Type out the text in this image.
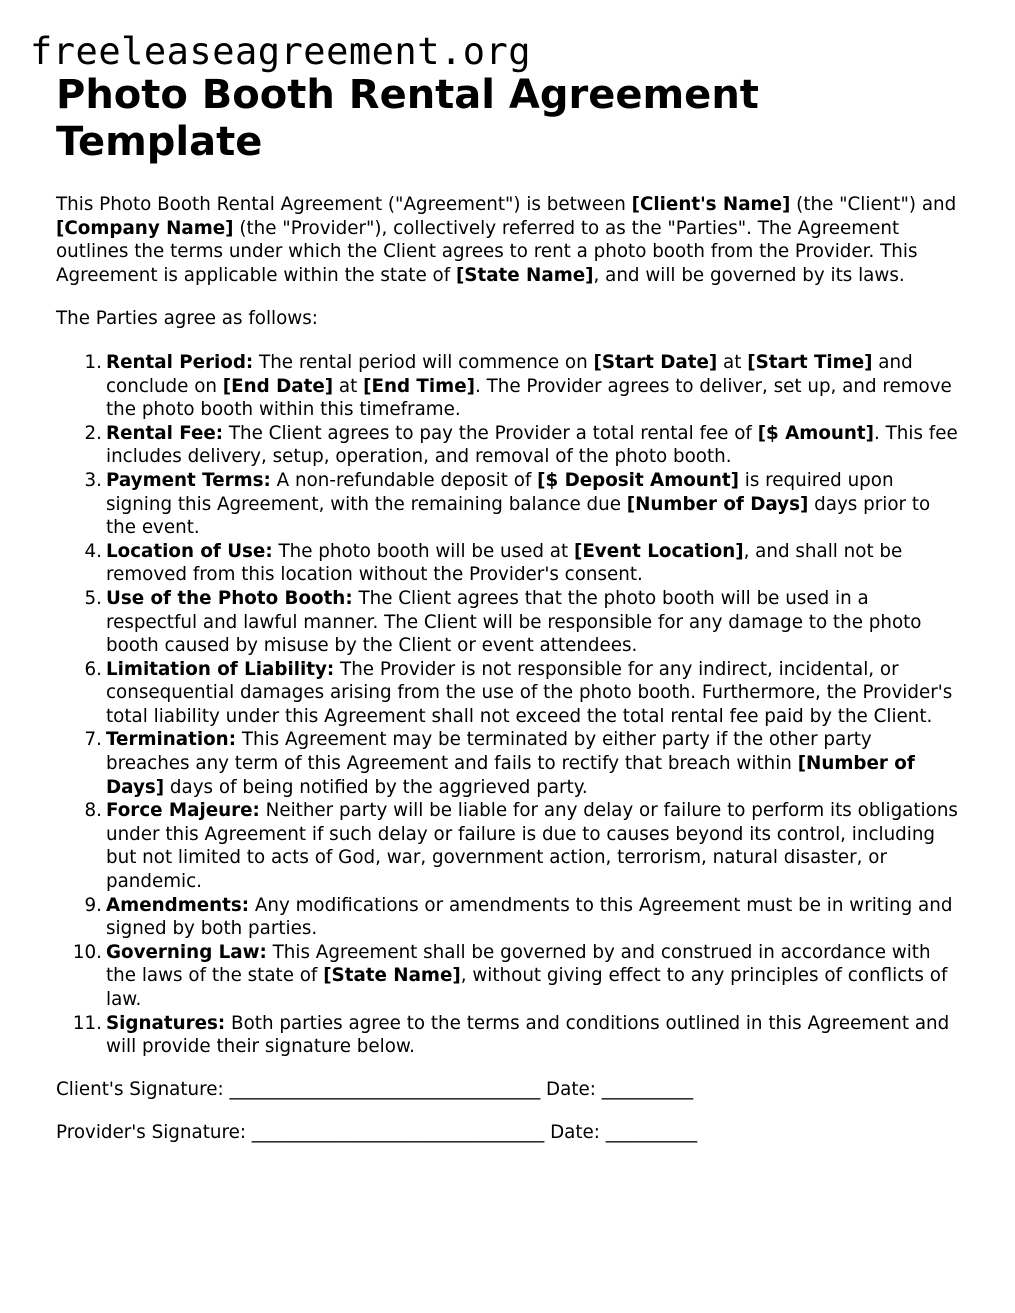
freeleaseagreement.org
Photo Booth Rental Agreement Template

This Photo Booth Rental Agreement ("Agreement") is between [Client's Name] (the "Client") and [Company Name] (the "Provider"), collectively referred to as the "Parties". The Agreement outlines the terms under which the Client agrees to rent a photo booth from the Provider. This Agreement is applicable within the state of [State Name], and will be governed by its laws.

The Parties agree as follows:

1. Rental Period: The rental period will commence on [Start Date] at [Start Time] and conclude on [End Date] at [End Time]. The Provider agrees to deliver, set up, and remove the photo booth within this timeframe.
2. Rental Fee: The Client agrees to pay the Provider a total rental fee of [$ Amount]. This fee includes delivery, setup, operation, and removal of the photo booth.
3. Payment Terms: A non-refundable deposit of [$ Deposit Amount] is required upon signing this Agreement, with the remaining balance due [Number of Days] days prior to the event.
4. Location of Use: The photo booth will be used at [Event Location], and shall not be removed from this location without the Provider's consent.
5. Use of the Photo Booth: The Client agrees that the photo booth will be used in a respectful and lawful manner. The Client will be responsible for any damage to the photo booth caused by misuse by the Client or event attendees.
6. Limitation of Liability: The Provider is not responsible for any indirect, incidental, or consequential damages arising from the use of the photo booth. Furthermore, the Provider's total liability under this Agreement shall not exceed the total rental fee paid by the Client.
7. Termination: This Agreement may be terminated by either party if the other party breaches any term of this Agreement and fails to rectify that breach within [Number of Days] days of being notified by the aggrieved party.
8. Force Majeure: Neither party will be liable for any delay or failure to perform its obligations under this Agreement if such delay or failure is due to causes beyond its control, including but not limited to acts of God, war, government action, terrorism, natural disaster, or pandemic.
9. Amendments: Any modifications or amendments to this Agreement must be in writing and signed by both parties.
10. Governing Law: This Agreement shall be governed by and construed in accordance with the laws of the state of [State Name], without giving effect to any principles of conflicts of law.
11. Signatures: Both parties agree to the terms and conditions outlined in this Agreement and will provide their signature below.

Client's Signature: __________________________________ Date: __________

Provider's Signature: ________________________________ Date: __________
